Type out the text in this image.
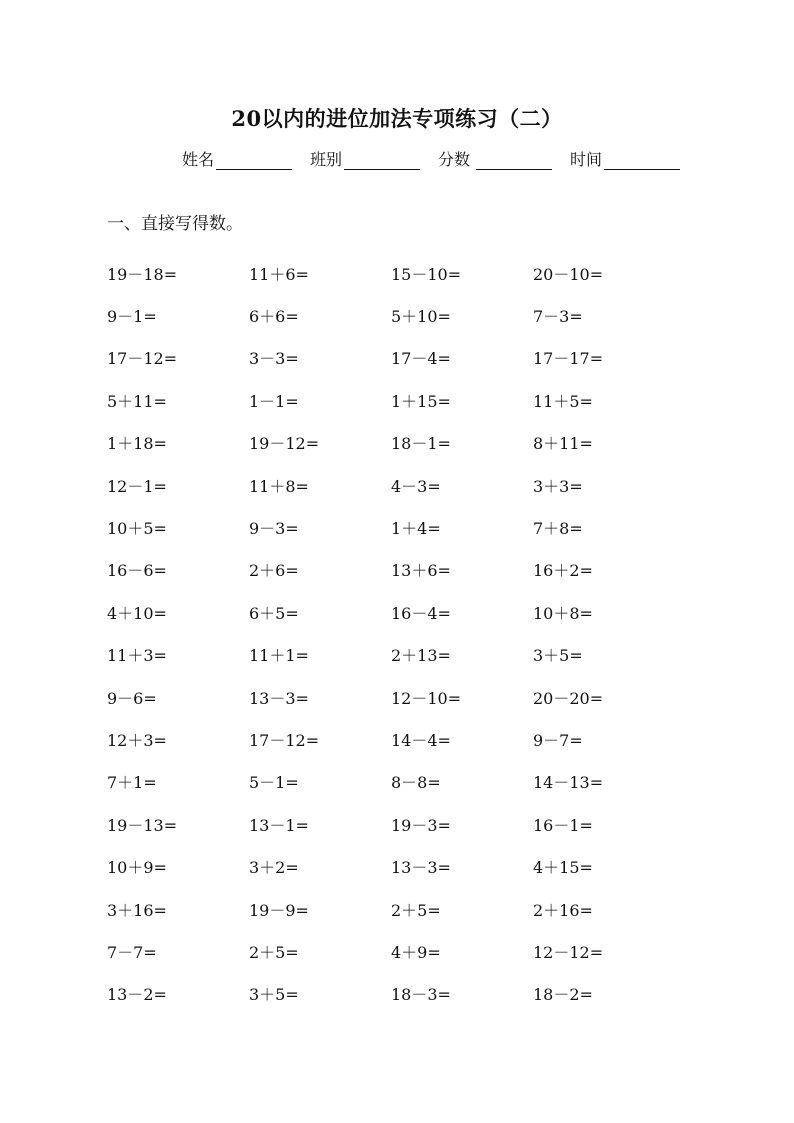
20以内的进位加法专项练习（二）
姓名	班别	分数	时间
一、直接写得数。
19－18=	11＋6=	15－10=	20－10=
9－1=	6＋6=	5＋10=	7－3=
17－12=	3－3=	17－4=	17－17=
5＋11=	1－1=	1＋15=	11＋5=
1＋18=	19－12=	18－1=	8＋11=
12－1=	11＋8=	4－3=	3＋3=
10＋5=	9－3=	1＋4=	7＋8=
16－6=	2＋6=	13＋6=	16＋2=
4＋10=	6＋5=	16－4=	10＋8=
11＋3=	11＋1=	2＋13=	3＋5=
9－6=	13－3=	12－10=	20－20=
12＋3=	17－12=	14－4=	9－7=
7＋1=	5－1=	8－8=	14－13=
19－13=	13－1=	19－3=	16－1=
10＋9=	3＋2=	13－3=	4＋15=
3＋16=	19－9=	2＋5=	2＋16=
7－7=	2＋5=	4＋9=	12－12=
13－2=	3＋5=	18－3=	18－2=
